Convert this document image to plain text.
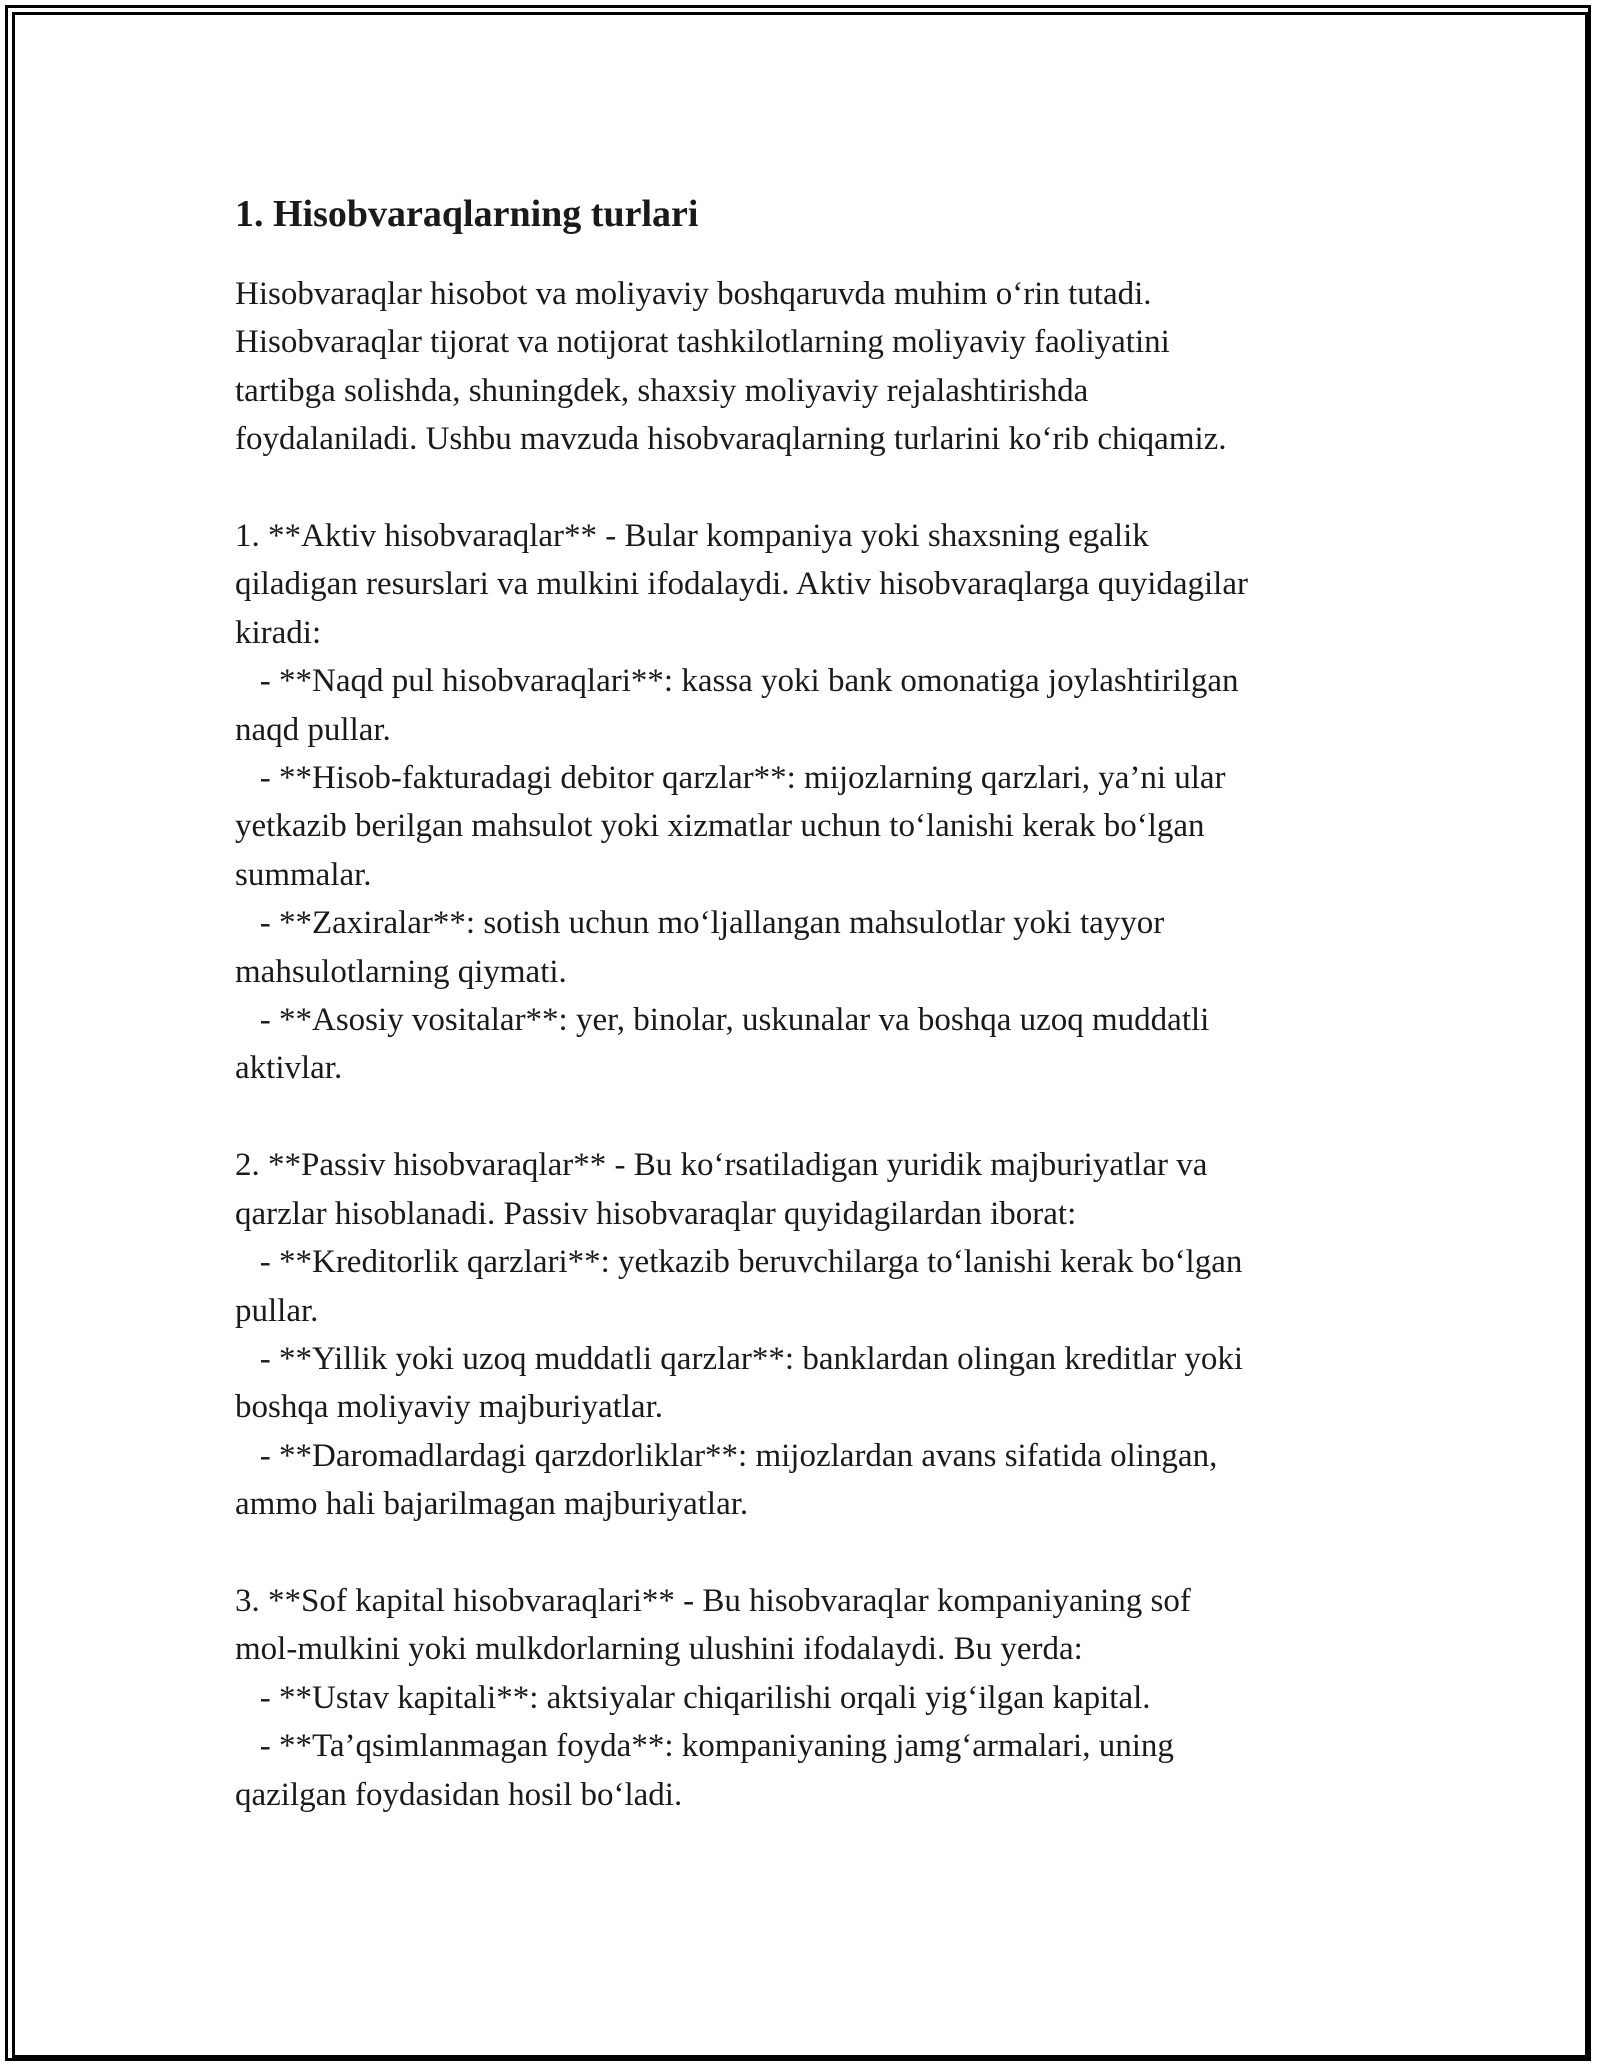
1. Hisobvaraqlarning turlari
Hisobvaraqlar hisobot va moliyaviy boshqaruvda muhim o‘rin tutadi.
Hisobvaraqlar tijorat va notijorat tashkilotlarning moliyaviy faoliyatini
tartibga solishda, shuningdek, shaxsiy moliyaviy rejalashtirishda
foydalaniladi. Ushbu mavzuda hisobvaraqlarning turlarini ko‘rib chiqamiz.
1. **Aktiv hisobvaraqlar** - Bular kompaniya yoki shaxsning egalik
qiladigan resurslari va mulkini ifodalaydi. Aktiv hisobvaraqlarga quyidagilar
kiradi:
- **Naqd pul hisobvaraqlari**: kassa yoki bank omonatiga joylashtirilgan
naqd pullar.
- **Hisob-fakturadagi debitor qarzlar**: mijozlarning qarzlari, ya’ni ular
yetkazib berilgan mahsulot yoki xizmatlar uchun to‘lanishi kerak bo‘lgan
summalar.
- **Zaxiralar**: sotish uchun mo‘ljallangan mahsulotlar yoki tayyor
mahsulotlarning qiymati.
- **Asosiy vositalar**: yer, binolar, uskunalar va boshqa uzoq muddatli
aktivlar.
2. **Passiv hisobvaraqlar** - Bu ko‘rsatiladigan yuridik majburiyatlar va
qarzlar hisoblanadi. Passiv hisobvaraqlar quyidagilardan iborat:
- **Kreditorlik qarzlari**: yetkazib beruvchilarga to‘lanishi kerak bo‘lgan
pullar.
- **Yillik yoki uzoq muddatli qarzlar**: banklardan olingan kreditlar yoki
boshqa moliyaviy majburiyatlar.
- **Daromadlardagi qarzdorliklar**: mijozlardan avans sifatida olingan,
ammo hali bajarilmagan majburiyatlar.
3. **Sof kapital hisobvaraqlari** - Bu hisobvaraqlar kompaniyaning sof
mol-mulkini yoki mulkdorlarning ulushini ifodalaydi. Bu yerda:
- **Ustav kapitali**: aktsiyalar chiqarilishi orqali yig‘ilgan kapital.
- **Ta’qsimlanmagan foyda**: kompaniyaning jamg‘armalari, uning
qazilgan foydasidan hosil bo‘ladi.
